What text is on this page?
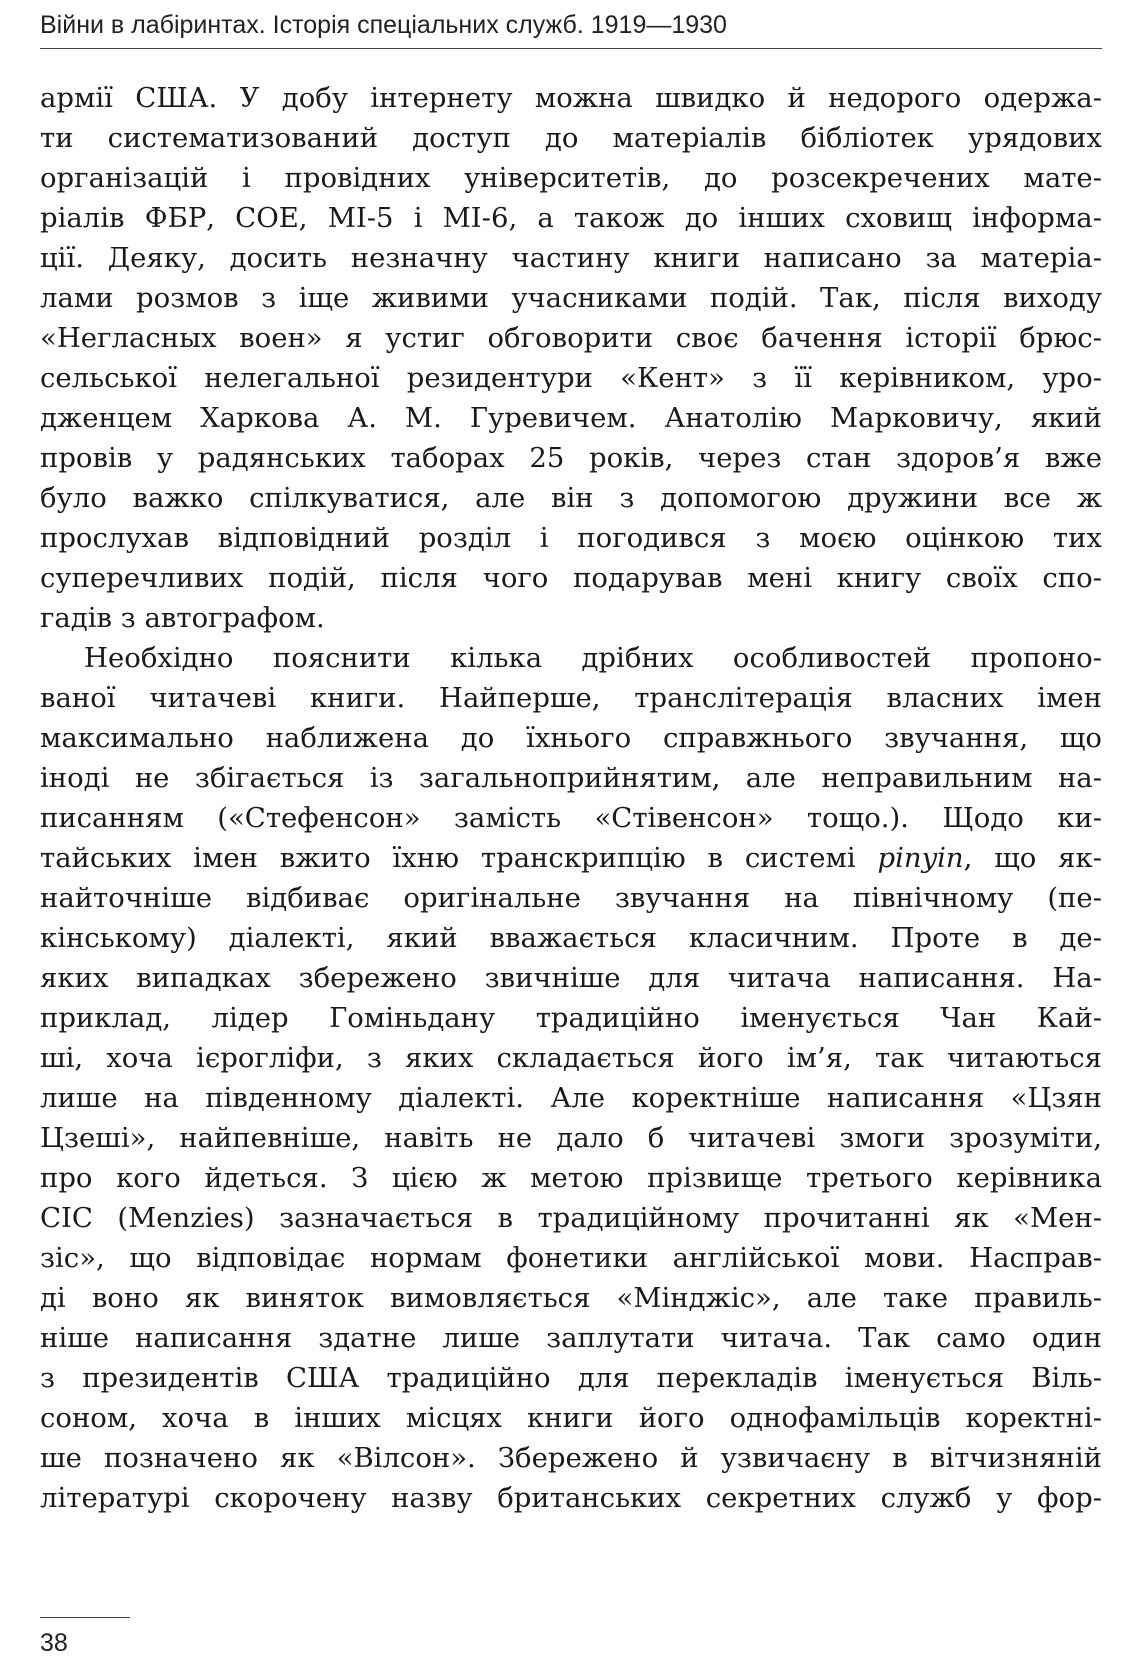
Війни в лабіринтах. Історія спеціальних служб. 1919—1930
армії США. У добу інтернету можна швидко й недорого одержа-
ти систематизований доступ до матеріалів бібліотек урядових
організацій і провідних університетів, до розсекречених мате-
ріалів ФБР, СОЕ, МІ-5 і МІ-6, а також до інших сховищ інформа-
ції. Деяку, досить незначну частину книги написано за матеріа-
лами розмов з іще живими учасниками подій. Так, після виходу
«Негласных воен» я устиг обговорити своє бачення історії брюс-
сельської нелегальної резидентури «Кент» з її керівником, уро-
дженцем Харкова А. М. Гуревичем. Анатолію Марковичу, який
провів у радянських таборах 25 років, через стан здоров’я вже
було важко спілкуватися, але він з допомогою дружини все ж
прослухав відповідний розділ і погодився з моєю оцінкою тих
суперечливих подій, після чого подарував мені книгу своїх спо-
гадів з автографом.
Необхідно пояснити кілька дрібних особливостей пропоно-
ваної читачеві книги. Найперше, транслітерація власних імен
максимально наближена до їхнього справжнього звучання, що
іноді не збігається із загальноприйнятим, але неправильним на-
писанням («Стефенсон» замість «Стівенсон» тощо.). Щодо ки-
тайських імен вжито їхню транскрипцію в системі pinyin, що як-
найточніше відбиває оригінальне звучання на північному (пе-
кінському) діалекті, який вважається класичним. Проте в де-
яких випадках збережено звичніше для читача написання. На-
приклад, лідер Гоміньдану традиційно іменується Чан Кай-
ші, хоча ієрогліфи, з яких складається його ім’я, так читаються
лише на південному діалекті. Але коректніше написання «Цзян
Цзеші», найпевніше, навіть не дало б читачеві змоги зрозуміти,
про кого йдеться. З цією ж метою прізвище третього керівника
СІС (Menzies) зазначається в традиційному прочитанні як «Мен-
зіс», що відповідає нормам фонетики англійської мови. Насправ-
ді воно як виняток вимовляється «Мінджіс», але таке правиль-
ніше написання здатне лише заплутати читача. Так само один
з президентів США традиційно для перекладів іменується Віль-
соном, хоча в інших місцях книги його однофамільців коректні-
ше позначено як «Вілсон». Збережено й узвичаєну в вітчизняній
літературі скорочену назву британських секретних служб у фор-
38
